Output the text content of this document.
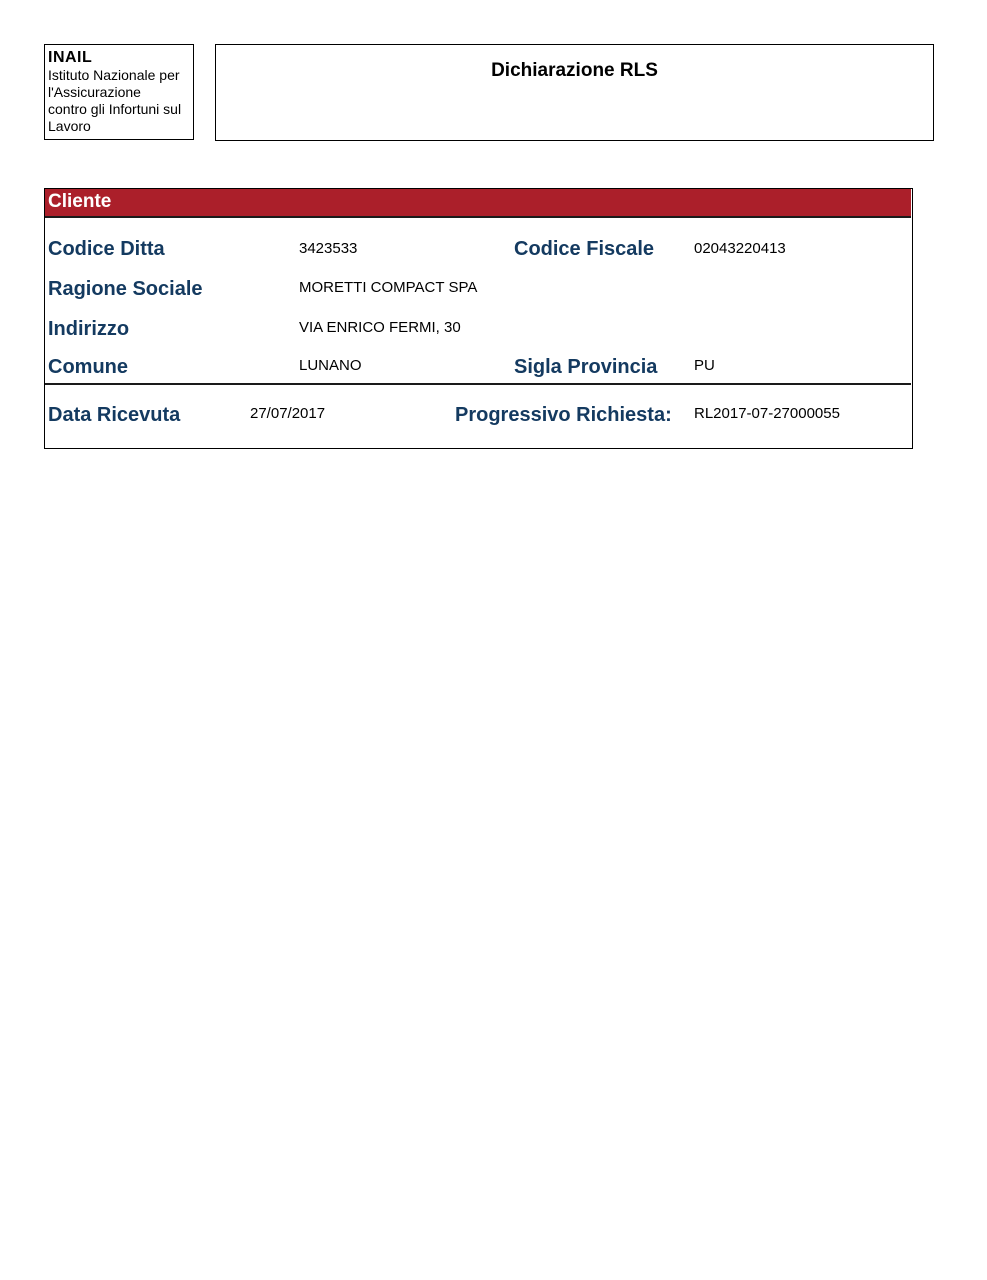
INAIL
Istituto Nazionale per
l'Assicurazione
contro gli Infortuni sul
Lavoro
Dichiarazione RLS
Cliente
Codice Ditta	3423533	Codice Fiscale	02043220413
Ragione Sociale	MORETTI COMPACT SPA
Indirizzo	VIA ENRICO FERMI, 30
Comune	LUNANO	Sigla Provincia PU
Data Ricevuta	27/07/2017	Progressivo Richiesta: RL2017-07-27000055
